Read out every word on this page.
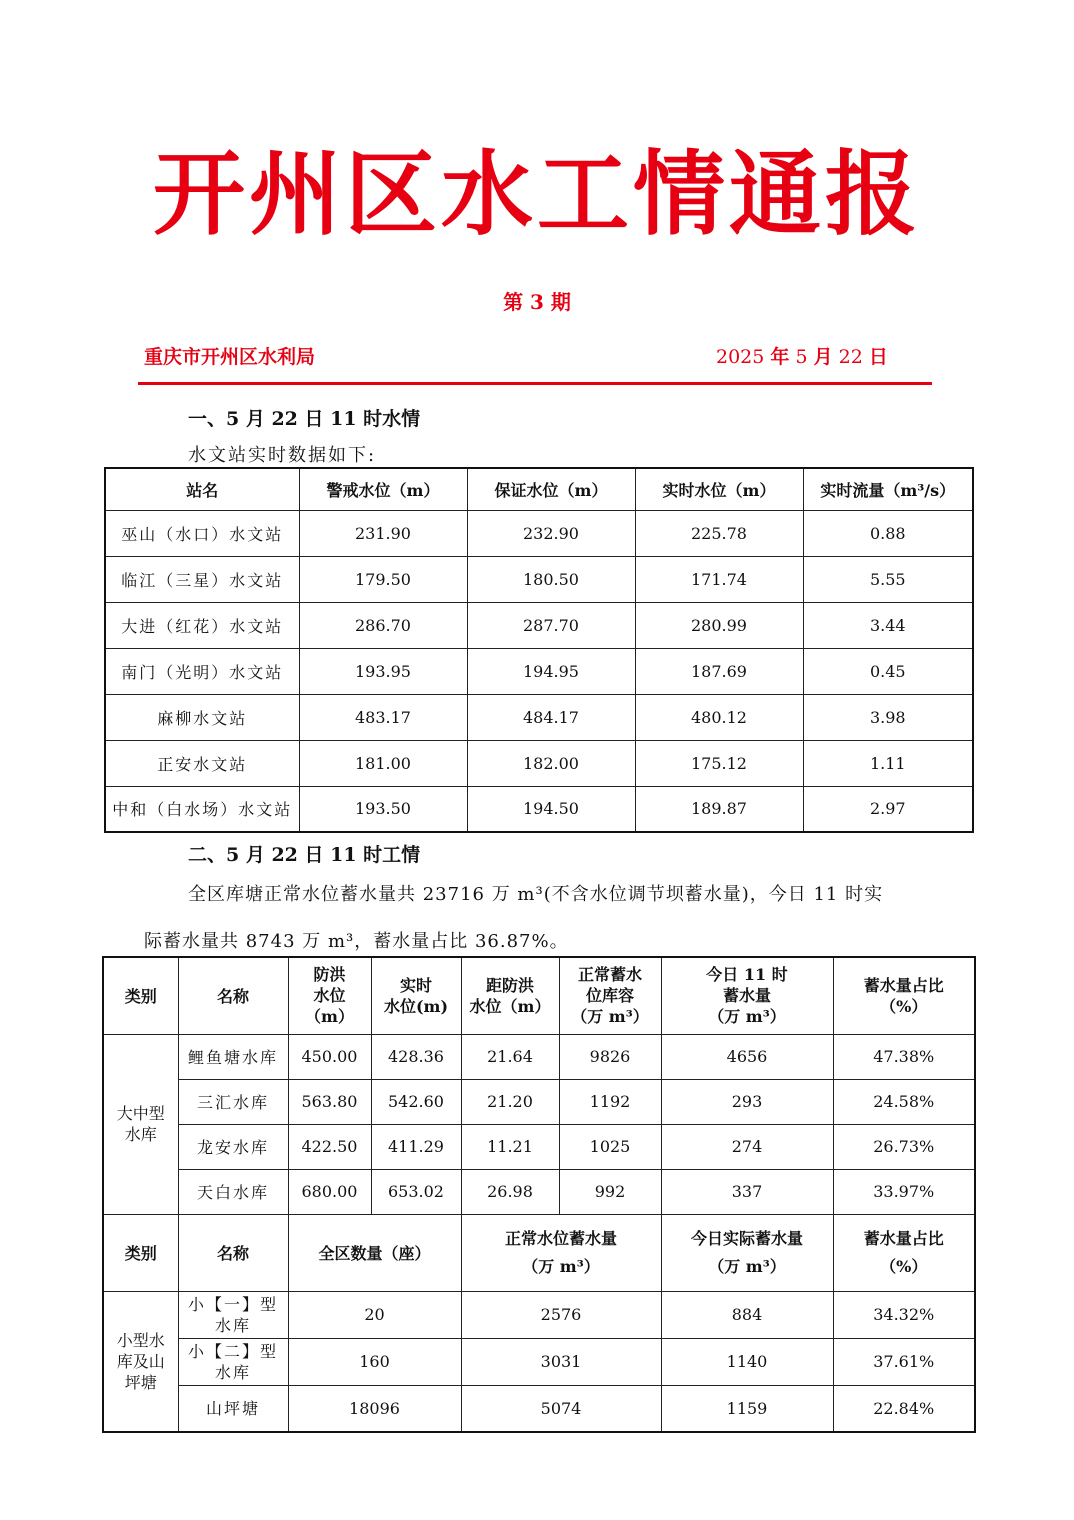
开州区水工情通报
第 3 期
重庆市开州区水利局	2025 年 5 月 22 日
一、5 月 22 日 11 时水情
水文站实时数据如下:
站名	警戒水位（m）	保证水位（m）	实时水位（m）	实时流量（m³/s）
巫山（水口）水文站	231.90	232.90	225.78	0.88
临江（三星）水文站	179.50	180.50	171.74	5.55
大进（红花）水文站	286.70	287.70	280.99	3.44
南门（光明）水文站	193.95	194.95	187.69	0.45
麻柳水文站	483.17	484.17	480.12	3.98
正安水文站	181.00	182.00	175.12	1.11
中和（白水场）水文站	193.50	194.50	189.87	2.97
二、5 月 22 日 11 时工情
全区库塘正常水位蓄水量共 23716 万 m³(不含水位调节坝蓄水量)，今日 11 时实
际蓄水量共 8743 万 m³，蓄水量占比 36.87%。
类别	名称	防洪
水位
（m）	实时
水位(m)	距防洪
水位（m）	正常蓄水
位库容
（万 m³）	今日 11 时
蓄水量
（万 m³）	蓄水量占比
（%）
大中型
水库	鲤鱼塘水库	450.00	428.36	21.64	9826	4656	47.38%
	三汇水库	563.80	542.60	21.20	1192	293	24.58%
	龙安水库	422.50	411.29	11.21	1025	274	26.73%
	天白水库	680.00	653.02	26.98	992	337	33.97%
类别	名称	全区数量（座）		正常水位蓄水量
（万 m³）		今日实际蓄水量
（万 m³）	蓄水量占比
（%）
小型水
库及山
坪塘	小【一】型
水库	20		2576		884	34.32%
	小【二】型
水库	160		3031		1140	37.61%
	山坪塘	18096		5074		1159	22.84%
